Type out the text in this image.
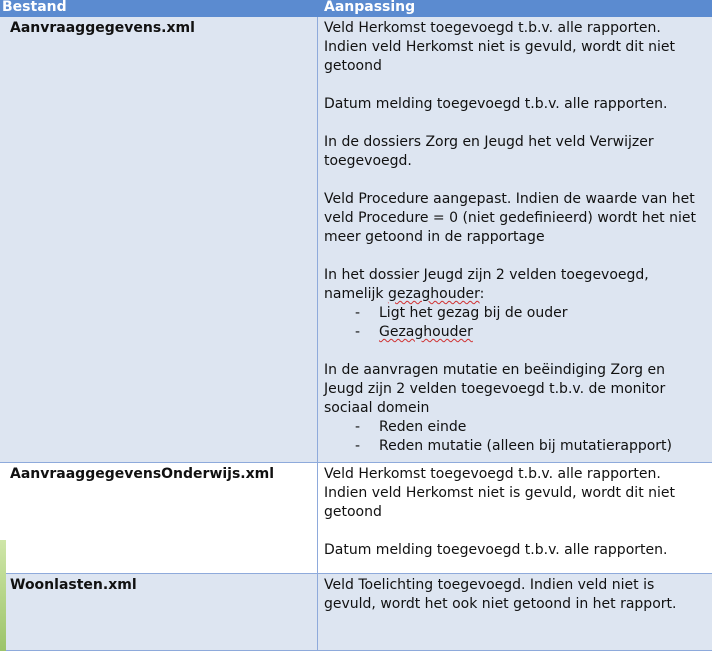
Bestand	Aanpassing
Aanvraaggegevens.xml	Veld Herkomst toegevoegd t.b.v. alle rapporten. Indien veld Herkomst niet is gevuld, wordt dit niet getoond

Datum melding toegevoegd t.b.v. alle rapporten.

In de dossiers Zorg en Jeugd het veld Verwijzer toegevoegd.

Veld Procedure aangepast. Indien de waarde van het veld Procedure = 0 (niet gedefinieerd) wordt het niet meer getoond in de rapportage

In het dossier Jeugd zijn 2 velden toegevoegd, namelijk gezaghouder:
- Ligt het gezag bij de ouder
- Gezaghouder
In de aanvragen mutatie en beëindiging Zorg en Jeugd zijn 2 velden toegevoegd t.b.v. de monitor sociaal domein
- Reden einde
- Reden mutatie (alleen bij mutatierapport)
AanvraaggegevensOnderwijs.xml	Veld Herkomst toegevoegd t.b.v. alle rapporten. Indien veld Herkomst niet is gevuld, wordt dit niet getoond

Datum melding toegevoegd t.b.v. alle rapporten.

Woonlasten.xml	Veld Toelichting toegevoegd. Indien veld niet is gevuld, wordt het ook niet getoond in het rapport.
